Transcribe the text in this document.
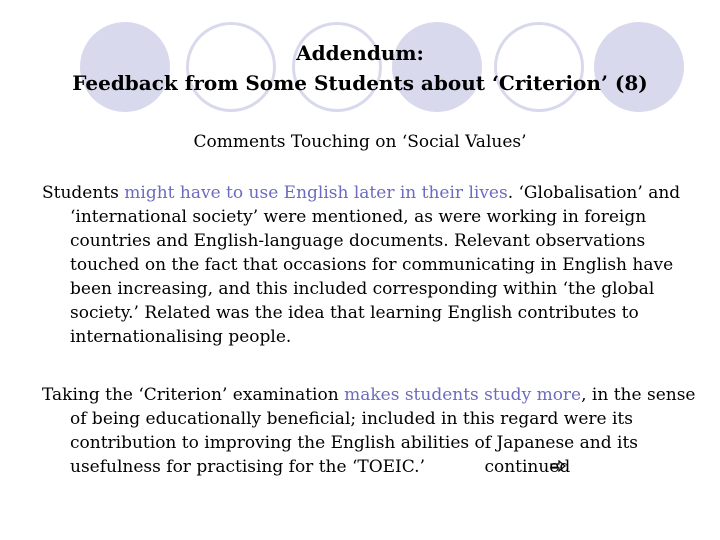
Addendum:
Feedback from Some Students about ‘Criterion’ (8)
Comments Touching on ‘Social Values’
Students might have to use English later in their lives. ‘Globalisation’ and ‘international society’ were mentioned, as were working in foreign countries and English-language documents. Relevant observations touched on the fact that occasions for communicating in English have been increasing, and this included corresponding within ‘the global society.’ Related was the idea that learning English contributes to internationalising people.
Taking the ‘Criterion’ examination makes students study more, in the sense of being educationally beneficial; included in this regard were its contribution to improving the English abilities of Japanese and its usefulness for practising for the ‘TOEIC.’	continued
